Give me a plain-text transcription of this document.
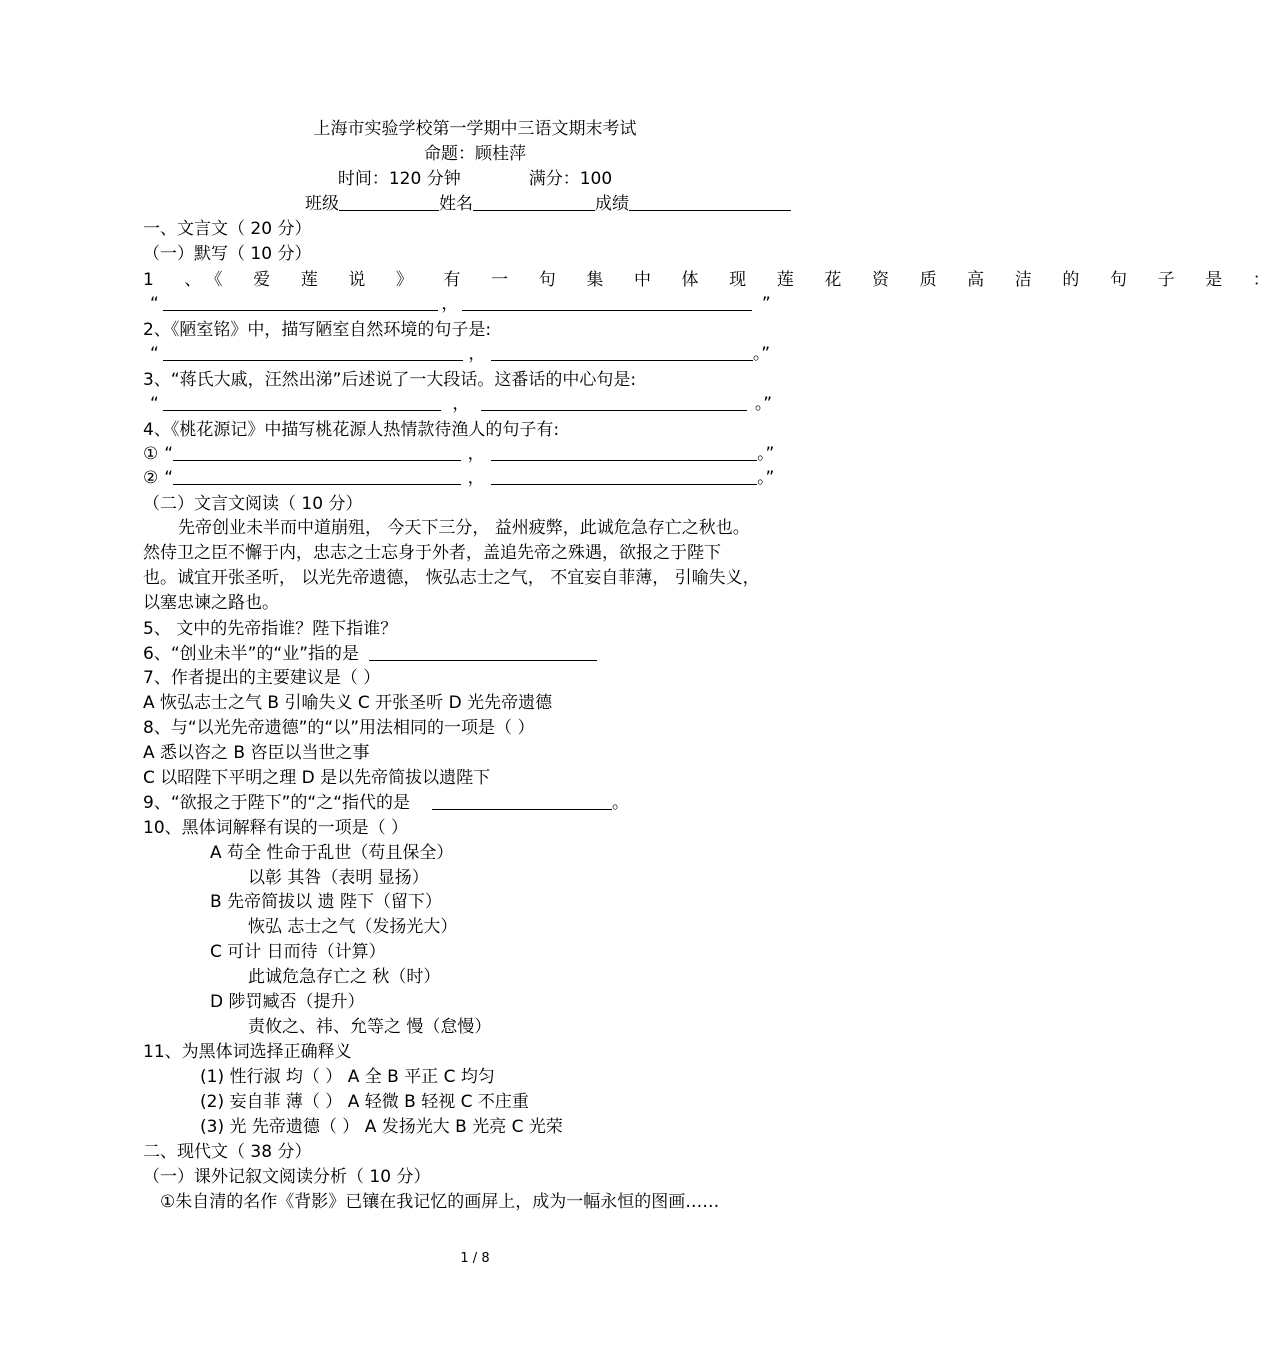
上海市实验学校第一学期中三语文期末考试
命题：顾桂萍
时间：120 分钟	满分：100
班级	姓名	成绩
一、文言文（ 20 分）
（一）默写（ 10 分）
1 、《 爱 莲 说 》 有 一 句 集 中 体 现 莲 花 资 质 高 洁 的 句 子 是 ：
“	，	”
2、《陋室铭》中，描写陋室自然环境的句子是:
“	，	。”
3、“蒋氏大戚，汪然出涕”后述说了一大段话。这番话的中心句是:
“	，	。”
4、《桃花源记》中描写桃花源人热情款待渔人的句子有:
① “	，	。”
② “	，	。”
（二）文言文阅读（ 10 分）
先帝创业未半而中道崩殂， 今天下三分， 益州疲弊，此诚危急存亡之秋也。
然侍卫之臣不懈于内，忠志之士忘身于外者，盖追先帝之殊遇，欲报之于陛下
也。诚宜开张圣听， 以光先帝遗德， 恢弘志士之气， 不宜妄自菲薄， 引喻失义，
以塞忠谏之路也。
5、 文中的先帝指谁？陛下指谁？
6、“创业未半”的“业”指的是
7、作者提出的主要建议是（ ）
A 恢弘志士之气 B 引喻失义 C 开张圣听 D 光先帝遗德
8、与“以光先帝遗德”的“以”用法相同的一项是（ ）
A 悉以咨之 B 咨臣以当世之事
C 以昭陛下平明之理 D 是以先帝简拔以遗陛下
9、“欲报之于陛下”的“之“指代的是	。
10、黑体词解释有误的一项是（ ）
A 苟全 性命于乱世（苟且保全）
以彰 其咎（表明 显扬）
B 先帝简拔以 遗 陛下（留下）
恢弘 志士之气（发扬光大）
C 可计 日而待（计算）
此诚危急存亡之 秋（时）
D 陟罚臧否（提升）
责攸之、祎、允等之 慢（怠慢）
11、为黑体词选择正确释义
(1) 性行淑 均（ ） A 全 B 平正 C 均匀
(2) 妄自菲 薄（ ） A 轻微 B 轻视 C 不庄重
(3) 光 先帝遗德（ ） A 发扬光大 B 光亮 C 光荣
二、现代文（ 38 分）
（一）课外记叙文阅读分析（ 10 分）
①朱自清的名作《背影》已镶在我记忆的画屏上，成为一幅永恒的图画……
1 / 8
